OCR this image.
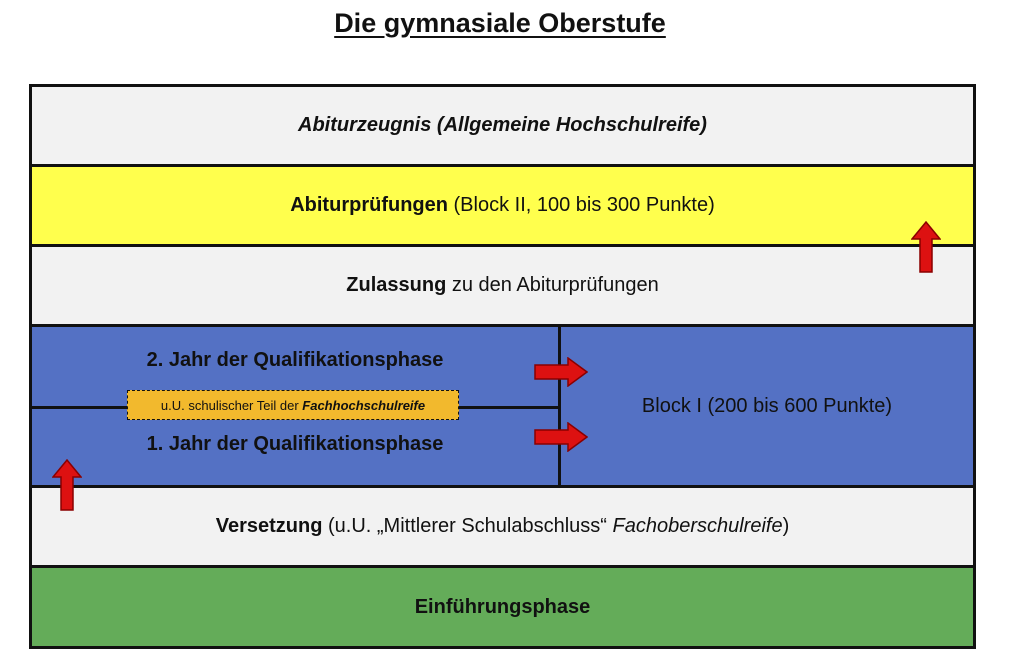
Die gymnasiale Oberstufe
Abiturzeugnis (Allgemeine Hochschulreife)
Abiturprüfungen (Block II, 100 bis 300 Punkte)
Zulassung zu den Abiturprüfungen
2. Jahr der Qualifikationsphase
u.U. schulischer Teil der Fachhochschulreife
1. Jahr der Qualifikationsphase
Block I (200 bis 600 Punkte)
Versetzung (u.U. „Mittlerer Schulabschluss“ Fachoberschulreife)
Einführungsphase
